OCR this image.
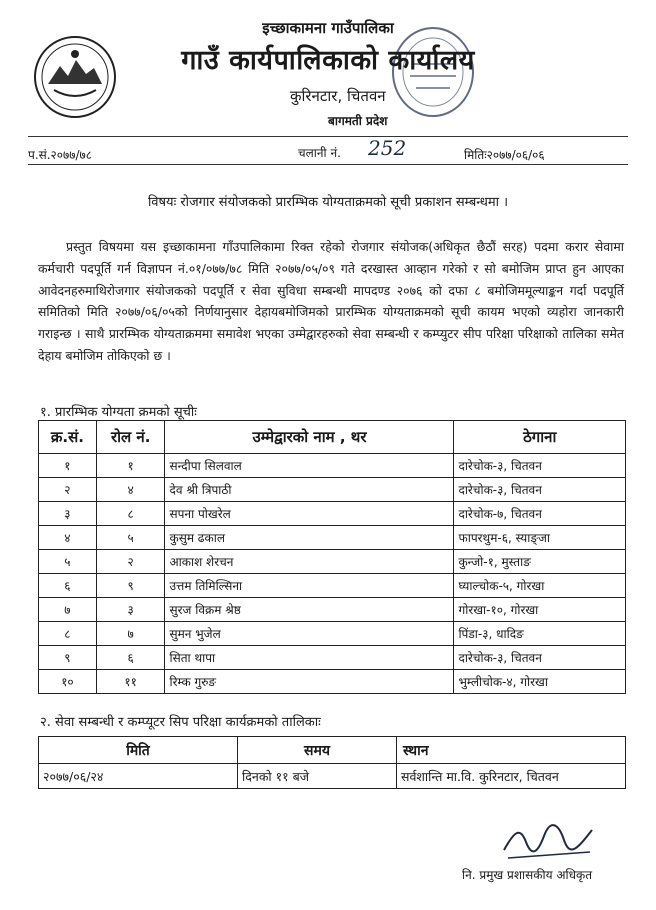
इच्छाकामना गाउँपालिका
गाउँ कार्यपालिकाको कार्यालय
कुरिनटार, चितवन
बागमती प्रदेश
प.सं.२०७७/७८	चलानी नं. 252	मितिः२०७७/०६/०६
विषयः रोजगार संयोजकको प्रारम्भिक योग्यताक्रमको सूची प्रकाशन सम्बन्धमा ।

प्रस्तुत विषयमा यस इच्छाकामना गाँउपालिकामा रिक्त रहेको रोजगार संयोजक(अधिकृत छैठौं सरह) पदमा करार सेवामा कर्मचारी पदपूर्ति गर्न विज्ञापन नं.०१/०७७/७८ मिति २०७७/०५/०९ गते दरखास्त आव्हान गरेको र सो बमोजिम प्राप्त हुन आएका आवेदनहरुमाथिरोजगार संयोजकको पदपूर्ति र सेवा सुविधा सम्बन्धी मापदण्ड २०७६ को दफा ८ बमोजिममूल्याङ्कन गर्दा पदपूर्ति समितिको मिति २०७७/०६/०५को निर्णयानुसार देहायबमोजिमको प्रारम्भिक योग्यताक्रमको सूची कायम भएको व्यहोरा जानकारी गराइन्छ । साथै प्रारम्भिक योग्यताक्रममा समावेश भएका उम्मेद्वारहरुको सेवा सम्बन्धी र कम्प्युटर सीप परिक्षा परिक्षाको तालिका समेत देहाय बमोजिम तोकिएको छ ।

१. प्रारम्भिक योग्यता क्रमको सूचीः
क्र.सं.	रोल नं.	उम्मेद्वारको नाम , थर	ठेगाना
१	१	सन्दीपा सिलवाल	दारेचोक-३, चितवन
२	४	देव श्री त्रिपाठी	दारेचोक-३, चितवन
३	८	सपना पोखरेल	दारेचोक-७, चितवन
४	५	कुसुम ढकाल	फापरथुम-६, स्याङ्जा
५	२	आकाश शेरचन	कुन्जो-१, मुस्ताङ
६	९	उत्तम तिमिल्सिना	घ्याल्चोक-५, गोरखा
७	३	सुरज विक्रम श्रेष्ठ	गोरखा-१०, गोरखा
८	७	सुमन भुजेल	पिंडा-३, धादिङ
९	६	सिता थापा	दारेचोक-३, चितवन
१०	११	रिम्क गुरुङ	भुम्लीचोक-४, गोरखा
२. सेवा सम्बन्धी र कम्प्यूटर सिप परिक्षा कार्यक्रमको तालिकाः
मिति	समय	स्थान
२०७७/०६/२४	दिनको ११ बजे	सर्वशान्ति मा.वि. कुरिनटार, चितवन
नि. प्रमुख प्रशासकीय अधिकृत
